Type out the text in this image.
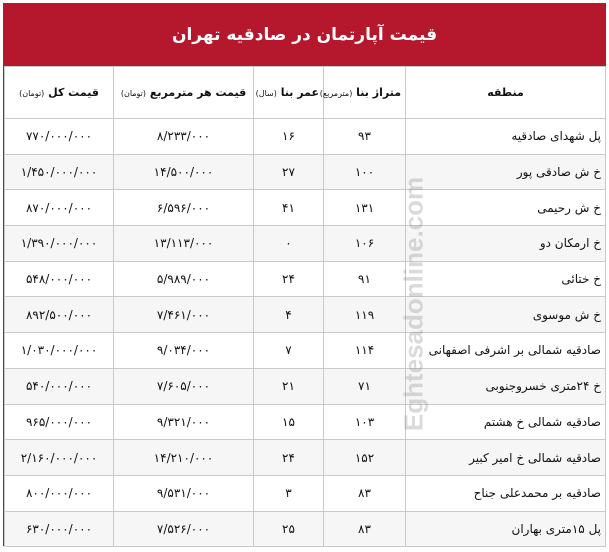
قیمت آپارتمان در صادقیه تهران
منطقه	متراژ بنا (مترمربع)	عمر بنا (سال)	قیمت هر مترمربع (تومان)	قیمت کل (تومان)
پل شهدای صادقیه	۹۳	۱۶	۸/۲۳۳/۰۰۰	۷۷۰/۰۰۰/۰۰۰
خ ش صادقی پور	۱۰۰	۲۷	۱۴/۵۰۰/۰۰۰	۱/۴۵۰/۰۰۰/۰۰۰
خ ش رحیمی	۱۳۱	۴۱	۶/۵۹۶/۰۰۰	۸۷۰/۰۰۰/۰۰۰
خ ارمکان دو	۱۰۶	۰	۱۳/۱۱۳/۰۰۰	۱/۳۹۰/۰۰۰/۰۰۰
خ ختائی	۹۱	۲۴	۵/۹۸۹/۰۰۰	۵۴۸/۰۰۰/۰۰۰
خ ش موسوی	۱۱۹	۴	۷/۴۶۱/۰۰۰	۸۹۲/۵۰۰/۰۰۰
صادقیه شمالی بر اشرفی اصفهانی	۱۱۴	۷	۹/۰۳۴/۰۰۰	۱/۰۳۰/۰۰۰/۰۰۰
خ ۲۴متری خسروجنوبی	۷۱	۲۱	۷/۶۰۵/۰۰۰	۵۴۰/۰۰۰/۰۰۰
صادقیه شمالی خ هشتم	۱۰۳	۱۵	۹/۳۲۱/۰۰۰	۹۶۵/۰۰۰/۰۰۰
صادقیه شمالی خ امیر کبیر	۱۵۲	۲۴	۱۴/۲۱۰/۰۰۰	۲/۱۶۰/۰۰۰/۰۰۰
صادقیه بر محمدعلی جناح	۸۳	۳	۹/۵۳۱/۰۰۰	۸۰۰/۰۰۰/۰۰۰
پل ۱۵متری بهاران	۸۳	۲۵	۷/۵۲۶/۰۰۰	۶۳۰/۰۰۰/۰۰۰
Eghtesadonline.com
